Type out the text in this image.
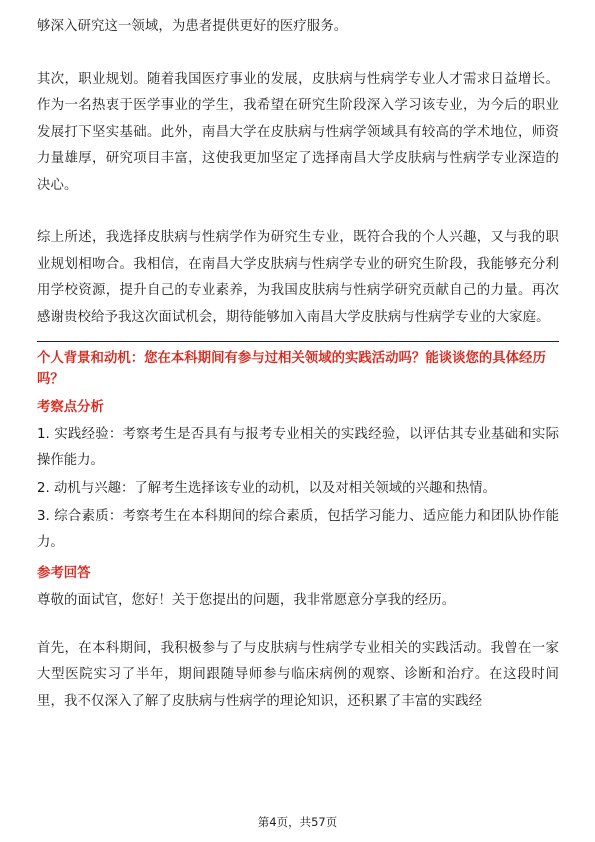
够深入研究这一领域，为患者提供更好的医疗服务。

其次，职业规划。随着我国医疗事业的发展，皮肤病与性病学专业人才需求日益增长。作为一名热衷于医学事业的学生，我希望在研究生阶段深入学习该专业，为今后的职业发展打下坚实基础。此外，南昌大学在皮肤病与性病学领域具有较高的学术地位，师资力量雄厚，研究项目丰富，这使我更加坚定了选择南昌大学皮肤病与性病学专业深造的决心。

综上所述，我选择皮肤病与性病学作为研究生专业，既符合我的个人兴趣，又与我的职业规划相吻合。我相信，在南昌大学皮肤病与性病学专业的研究生阶段，我能够充分利用学校资源，提升自己的专业素养，为我国皮肤病与性病学研究贡献自己的力量。再次感谢贵校给予我这次面试机会，期待能够加入南昌大学皮肤病与性病学专业的大家庭。

个人背景和动机：您在本科期间有参与过相关领域的实践活动吗？能谈谈您的具体经历吗？

考察点分析

1. 实践经验：考察考生是否具有与报考专业相关的实践经验，以评估其专业基础和实际操作能力。

2. 动机与兴趣：了解考生选择该专业的动机，以及对相关领域的兴趣和热情。

3. 综合素质：考察考生在本科期间的综合素质，包括学习能力、适应能力和团队协作能力。

参考回答

尊敬的面试官，您好！关于您提出的问题，我非常愿意分享我的经历。

首先，在本科期间，我积极参与了与皮肤病与性病学专业相关的实践活动。我曾在一家大型医院实习了半年，期间跟随导师参与临床病例的观察、诊断和治疗。在这段时间里，我不仅深入了解了皮肤病与性病学的理论知识，还积累了丰富的实践经

第4页，共57页
